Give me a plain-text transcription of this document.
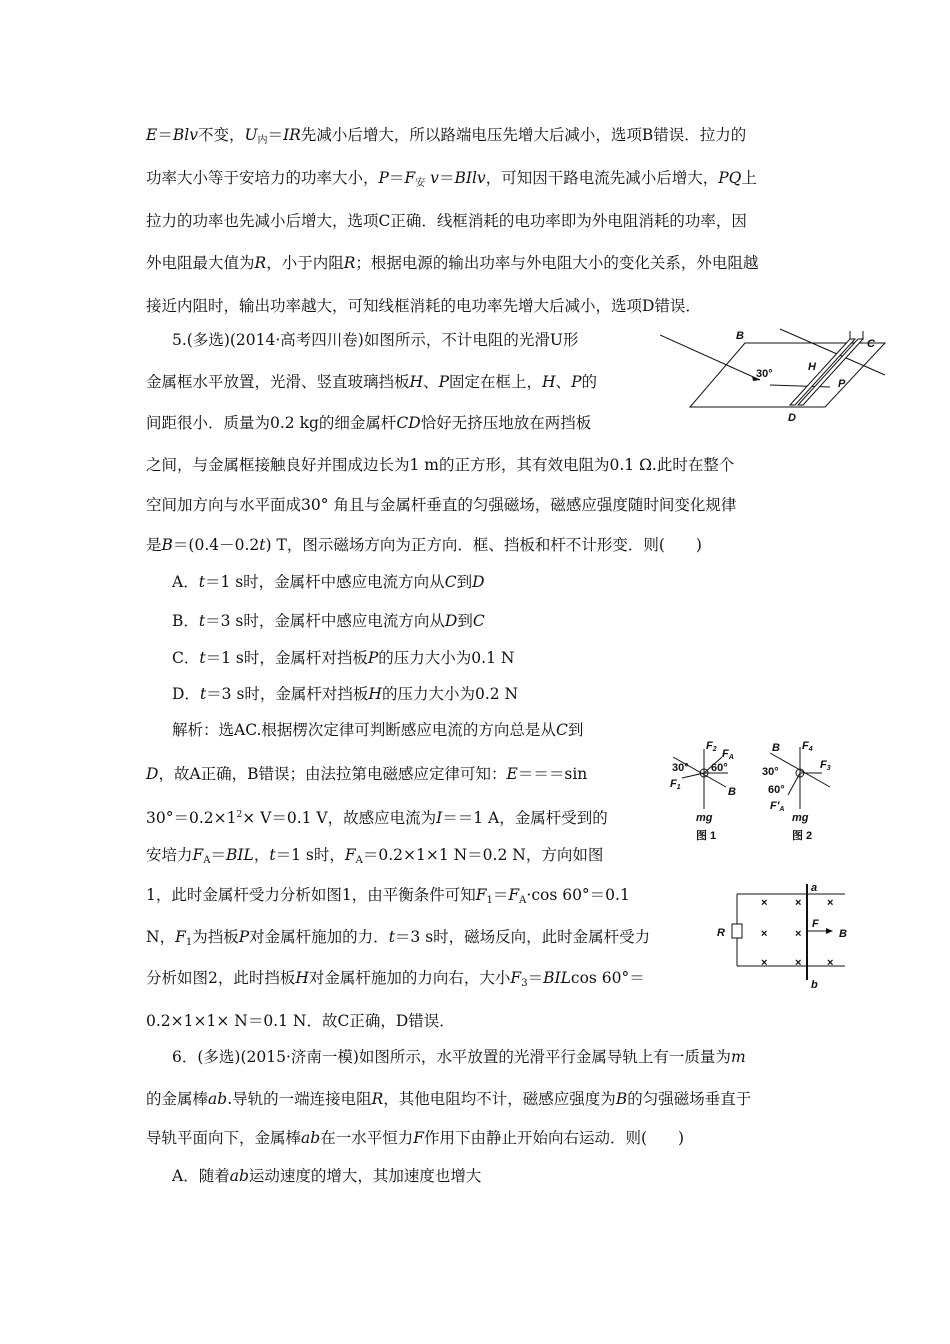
E＝Blv不变，$U_内=IR$先减小后增大，所以路端电压先增大后减小，选项B错误．拉力的
功率大小等于安培力的功率大小，$P=F_安$ v＝BIlv，可知因干路电流先减小后增大，PQ上
拉力的功率也先减小后增大，选项C正确．线框消耗的电功率即为外电阻消耗的功率，因
外电阻最大值为R，小于内阻R；根据电源的输出功率与外电阻大小的变化关系，外电阻越
接近内阻时，输出功率越大，可知线框消耗的电功率先增大后减小，选项D错误．
5.(多选)(2014·高考四川卷)如图所示，不计电阻的光滑U形
金属框水平放置，光滑、竖直玻璃挡板H、P固定在框上，H、P的
间距很小．质量为0.2 kg的细金属杆CD恰好无挤压地放在两挡板
之间，与金属框接触良好并围成边长为1 m的正方形，其有效电阻为0.1 Ω.此时在整个
空间加方向与水平面成30° 角且与金属杆垂直的匀强磁场，磁感应强度随时间变化规律
是B＝(0.4－0.2t) T，图示磁场方向为正方向．框、挡板和杆不计形变．则(　　)
A．t＝1 s时，金属杆中感应电流方向从C到D
B．t＝3 s时，金属杆中感应电流方向从D到C
C．t＝1 s时，金属杆对挡板P的压力大小为0.1 N
D．t＝3 s时，金属杆对挡板H的压力大小为0.2 N
解析：选AC.根据楞次定律可判断感应电流的方向总是从C到
D，故A正确，B错误；由法拉第电磁感应定律可知：E＝＝＝sin
$30^\circ=0.2\times 1^2\times V=0.1$ V，故感应电流为I＝＝1 A，金属杆受到的
安培力$F_A=BIL$，t＝1 s时，$F_A=0.2\times 1\times 1$ N＝0.2 N，方向如图
1，此时金属杆受力分析如图1，由平衡条件可知$F_1=F_A\cdot\cos$ 60°＝0.1
N，$F_1$为挡板P对金属杆施加的力．t＝3 s时，磁场反向，此时金属杆受力
分析如图2，此时挡板H对金属杆施加的力向右，大小$F_3=BILcos$ 60°＝
0.2×1×1× N＝0.1 N．故C正确，D错误．
6．(多选)(2015·济南一模)如图所示，水平放置的光滑平行金属导轨上有一质量为m
的金属棒ab.导轨的一端连接电阻R，其他电阻均不计，磁感应强度为B的匀强磁场垂直于
导轨平面向下，金属棒ab在一水平恒力F作用下由静止开始向右运动．则(　　)
A．随着ab运动速度的增大，其加速度也增大
B
30°
H
P
C
D
F2 FA
30° 60°
F1	B
mg
图 1
B F4
30°
F3
60°
F′A
mg
图 2
a
b
R
F
B
×	× ×
×	×
×	× ×
